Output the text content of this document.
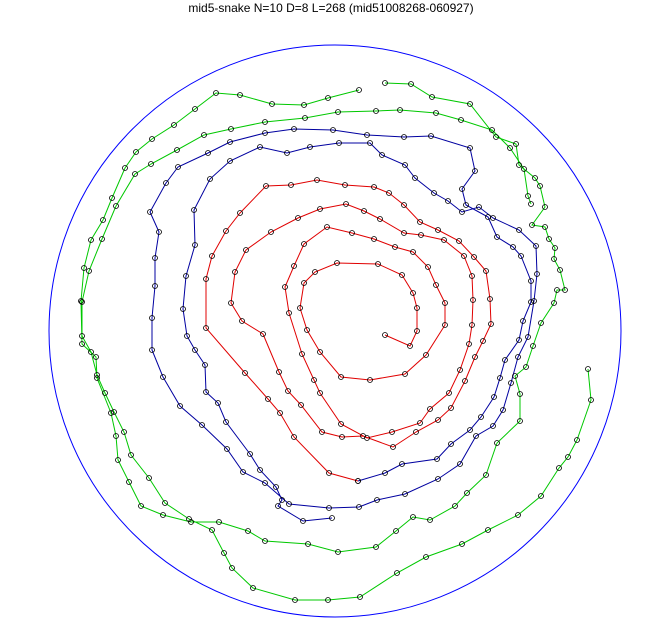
mid5-snake N=10 D=8 L=268 (mid51008268-060927)
